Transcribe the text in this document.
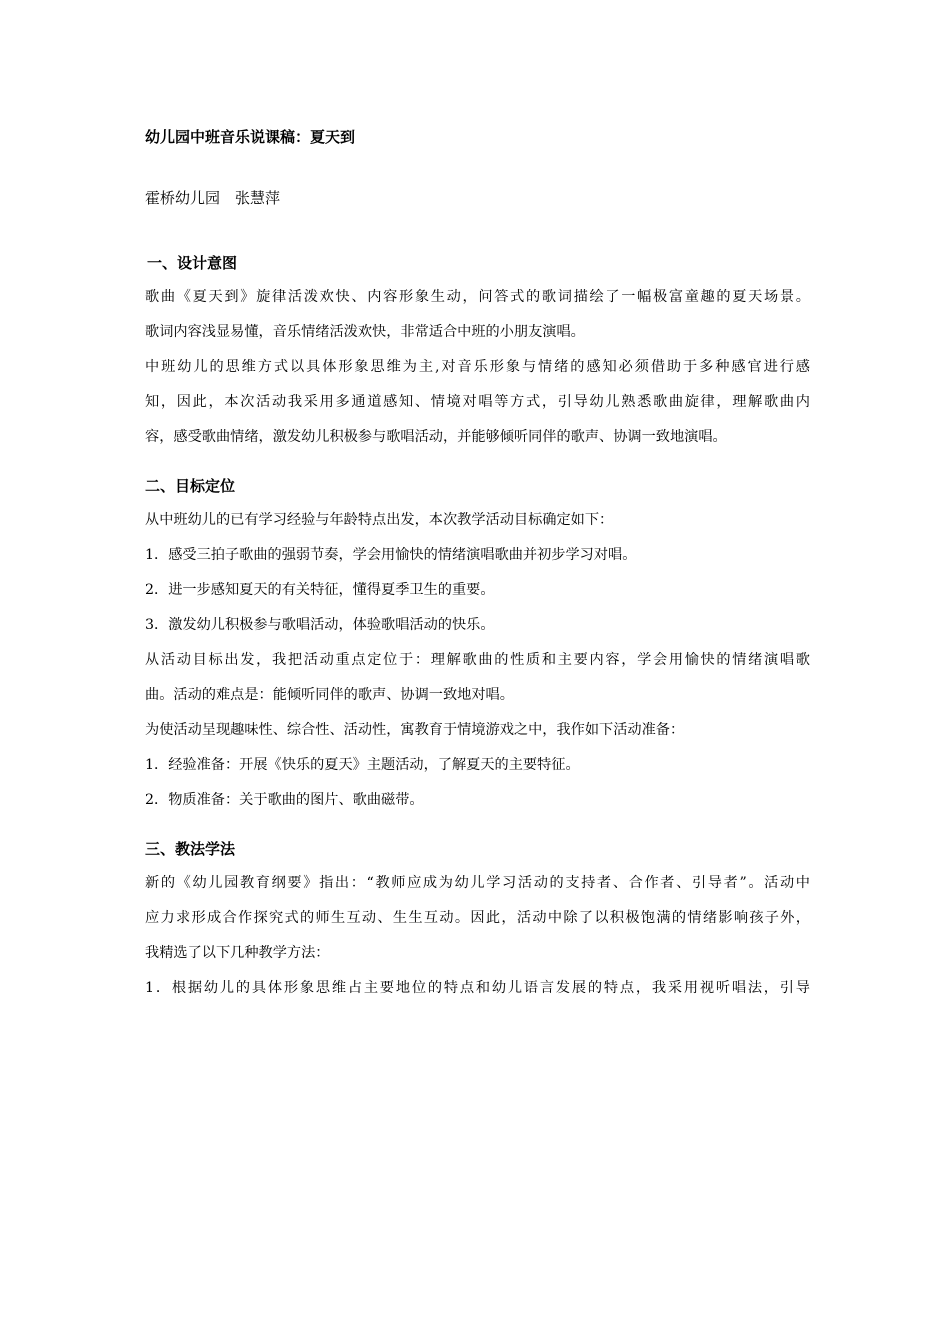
幼儿园中班音乐说课稿：夏天到
霍桥幼儿园　张慧萍
一、设计意图
歌曲《夏天到》旋律活泼欢快、内容形象生动，问答式的歌词描绘了一幅极富童趣的夏天场景。
歌词内容浅显易懂，音乐情绪活泼欢快，非常适合中班的小朋友演唱。
中班幼儿的思维方式以具体形象思维为主,对音乐形象与情绪的感知必须借助于多种感官进行感
知，因此，本次活动我采用多通道感知、情境对唱等方式，引导幼儿熟悉歌曲旋律，理解歌曲内
容，感受歌曲情绪，激发幼儿积极参与歌唱活动，并能够倾听同伴的歌声、协调一致地演唱。
二、目标定位
从中班幼儿的已有学习经验与年龄特点出发，本次教学活动目标确定如下：
1．感受三拍子歌曲的强弱节奏，学会用愉快的情绪演唱歌曲并初步学习对唱。
2．进一步感知夏天的有关特征，懂得夏季卫生的重要。
3．激发幼儿积极参与歌唱活动，体验歌唱活动的快乐。
从活动目标出发，我把活动重点定位于：理解歌曲的性质和主要内容，学会用愉快的情绪演唱歌
曲。活动的难点是：能倾听同伴的歌声、协调一致地对唱。
为使活动呈现趣味性、综合性、活动性，寓教育于情境游戏之中，我作如下活动准备：
1．经验准备：开展《快乐的夏天》主题活动，了解夏天的主要特征。
2．物质准备：关于歌曲的图片、歌曲磁带。
三、教法学法
新的《幼儿园教育纲要》指出：“教师应成为幼儿学习活动的支持者、合作者、引导者”。活动中
应力求形成合作探究式的师生互动、生生互动。因此，活动中除了以积极饱满的情绪影响孩子外，
我精选了以下几种教学方法：
1．根据幼儿的具体形象思维占主要地位的特点和幼儿语言发展的特点，我采用视听唱法，引导
